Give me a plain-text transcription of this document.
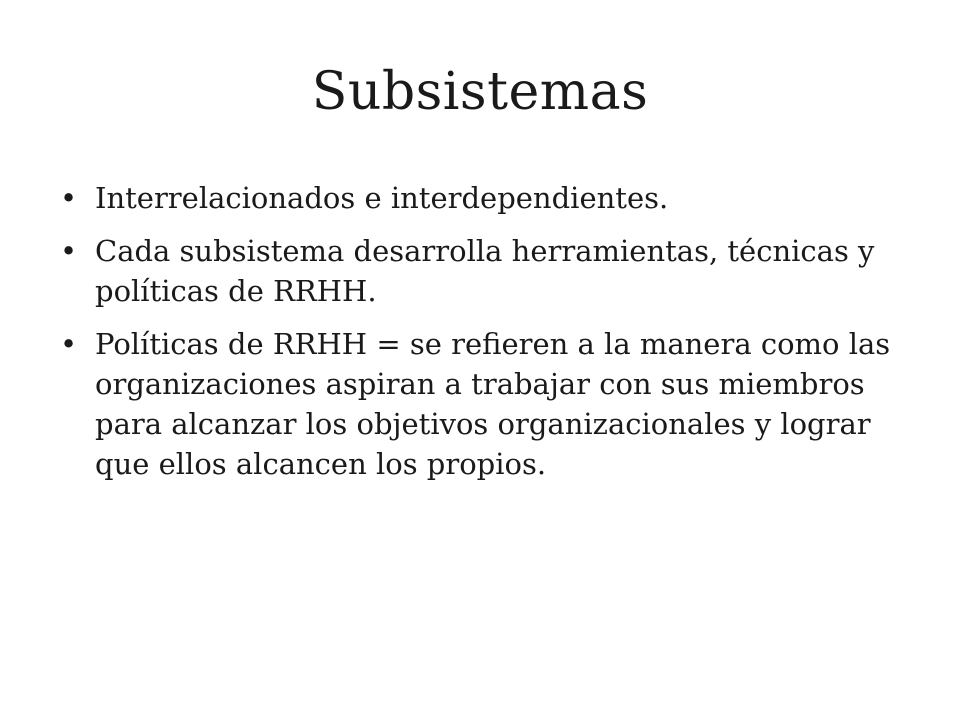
Subsistemas
• Interrelacionados e interdependientes.
• Cada subsistema desarrolla herramientas, técnicas y políticas de RRHH.
• Políticas de RRHH = se refieren a la manera como las organizaciones aspiran a trabajar con sus miembros para alcanzar los objetivos organizacionales y lograr que ellos alcancen los propios.
